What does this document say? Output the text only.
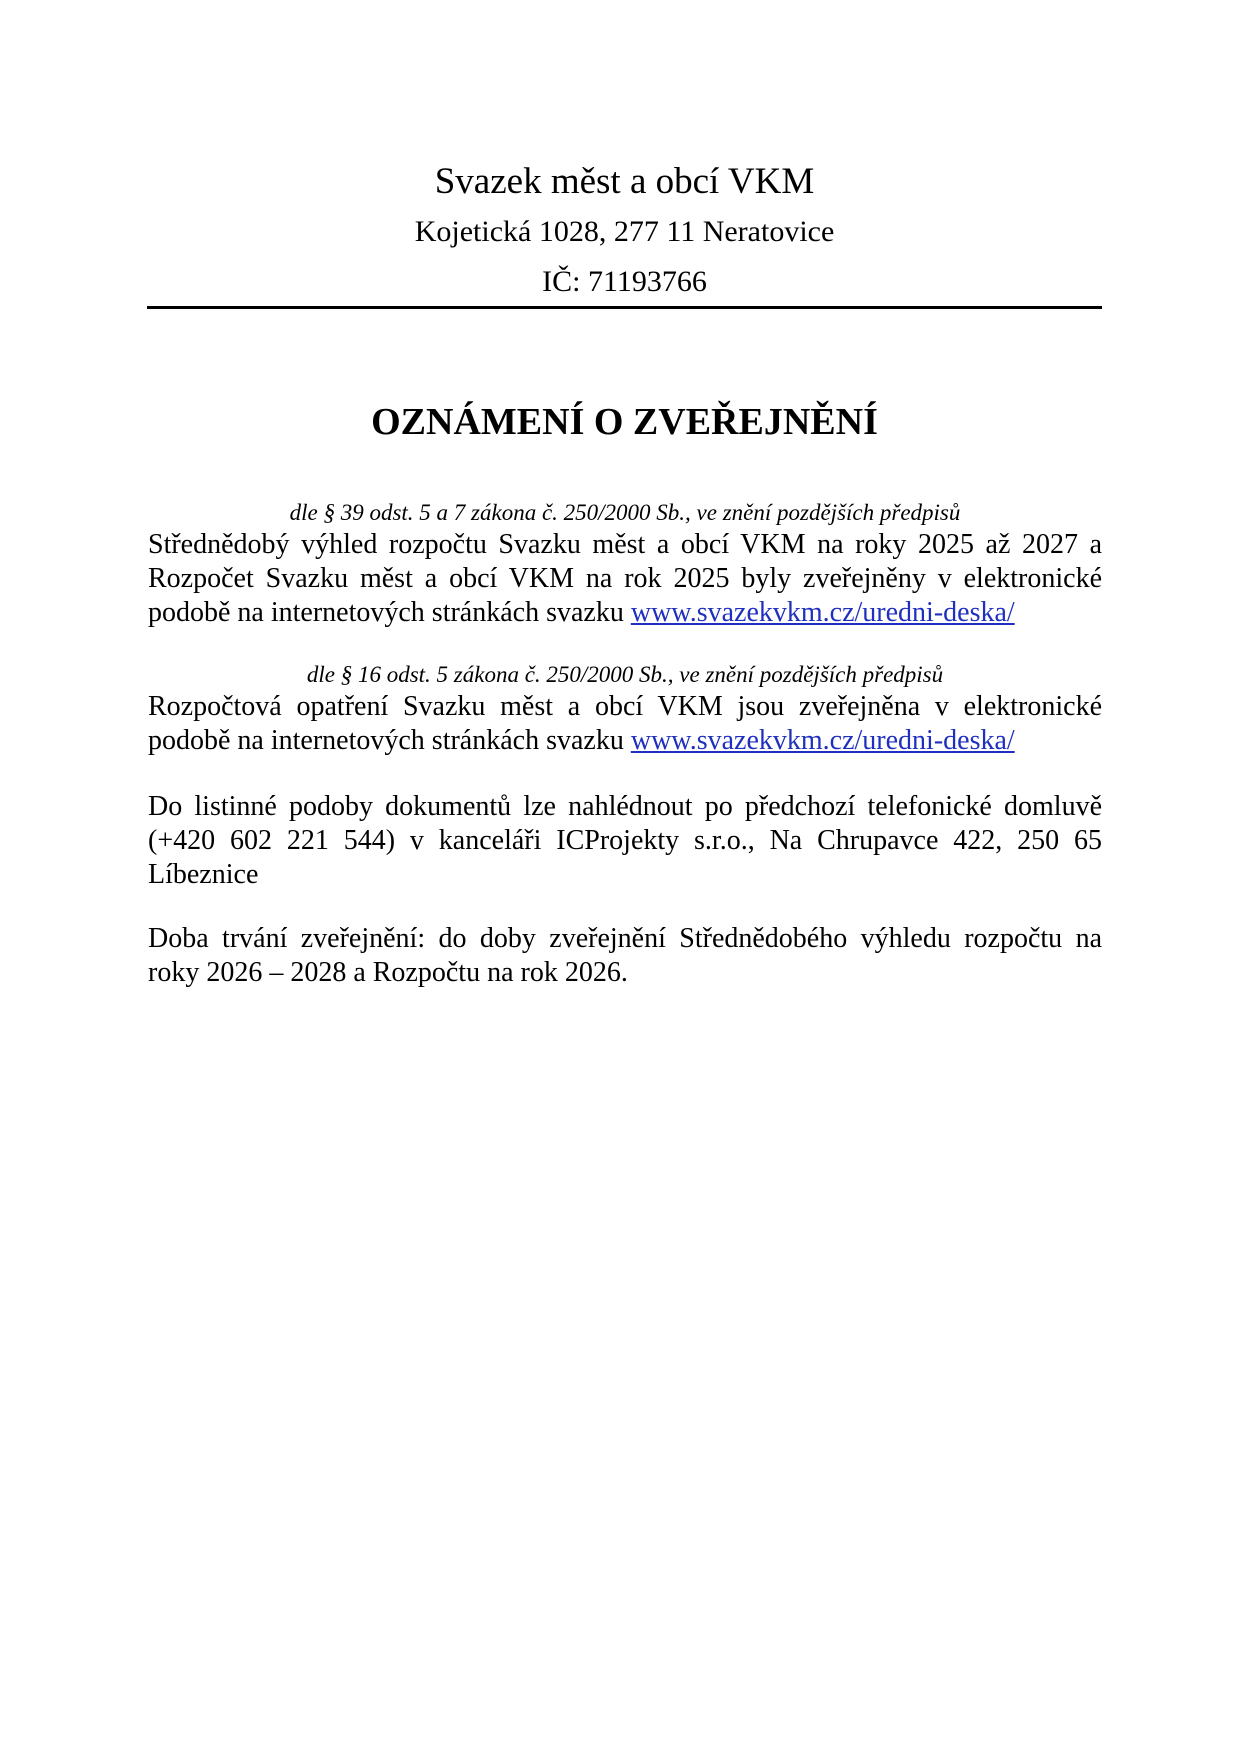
Svazek měst a obcí VKM
Kojetická 1028, 277 11 Neratovice
IČ: 71193766
OZNÁMENÍ O ZVEŘEJNĚNÍ
dle § 39 odst. 5 a 7 zákona č. 250/2000 Sb., ve znění pozdějších předpisů
Střednědobý výhled rozpočtu Svazku měst a obcí VKM na roky 2025 až 2027 a Rozpočet Svazku měst a obcí VKM na rok 2025 byly zveřejněny v elektronické podobě na internetových stránkách svazku www.svazekvkm.cz/uredni-deska/
dle § 16 odst. 5 zákona č. 250/2000 Sb., ve znění pozdějších předpisů
Rozpočtová opatření Svazku měst a obcí VKM jsou zveřejněna v elektronické podobě na internetových stránkách svazku www.svazekvkm.cz/uredni-deska/
Do listinné podoby dokumentů lze nahlédnout po předchozí telefonické domluvě (+420 602 221 544) v kanceláři ICProjekty s.r.o., Na Chrupavce 422, 250 65 Líbeznice
Doba trvání zveřejnění: do doby zveřejnění Střednědobého výhledu rozpočtu na roky 2026 – 2028 a Rozpočtu na rok 2026.
